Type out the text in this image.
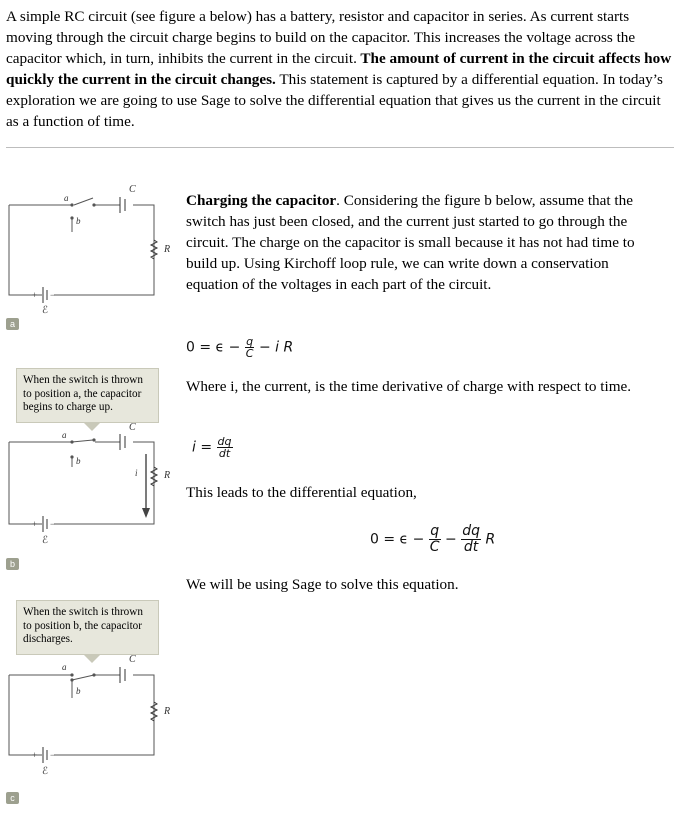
A simple RC circuit (see figure a below) has a battery, resistor and capacitor in series. As current starts moving through the circuit charge begins to build on the capacitor. This increases the voltage across the capacitor which, in turn, inhibits the current in the circuit. The amount of current in the circuit affects how quickly the current in the circuit changes. This statement is captured by a differential equation. In today’s exploration we are going to use Sage to solve the differential equation that gives us the current in the circuit as a function of time.

a
b
C
R
ℰ
+ −
a
When the switch is thrown to position a, the capacitor begins to charge up.
a
b
C
R
i
ℰ
+ −
b
When the switch is thrown to position b, the capacitor discharges.
a
b
C
R
ℰ
+ −
c

Charging the capacitor. Considering the figure b below, assume that the switch has just been closed, and the current just started to go through the circuit. The charge on the capacitor is small because it has not had time to build up. Using Kirchoff loop rule, we can write down a conservation equation of the voltages in each part of the circuit.

Where i, the current, is the time derivative of charge with respect to time.

This leads to the differential equation,

We will be using Sage to solve this equation.

$0 = \epsilon - \frac{q}{C} - i$ R
$i = \frac{dq}{dt}$
$0 = \epsilon - \frac{q}{C} - \frac{dq}{dt}$ R
